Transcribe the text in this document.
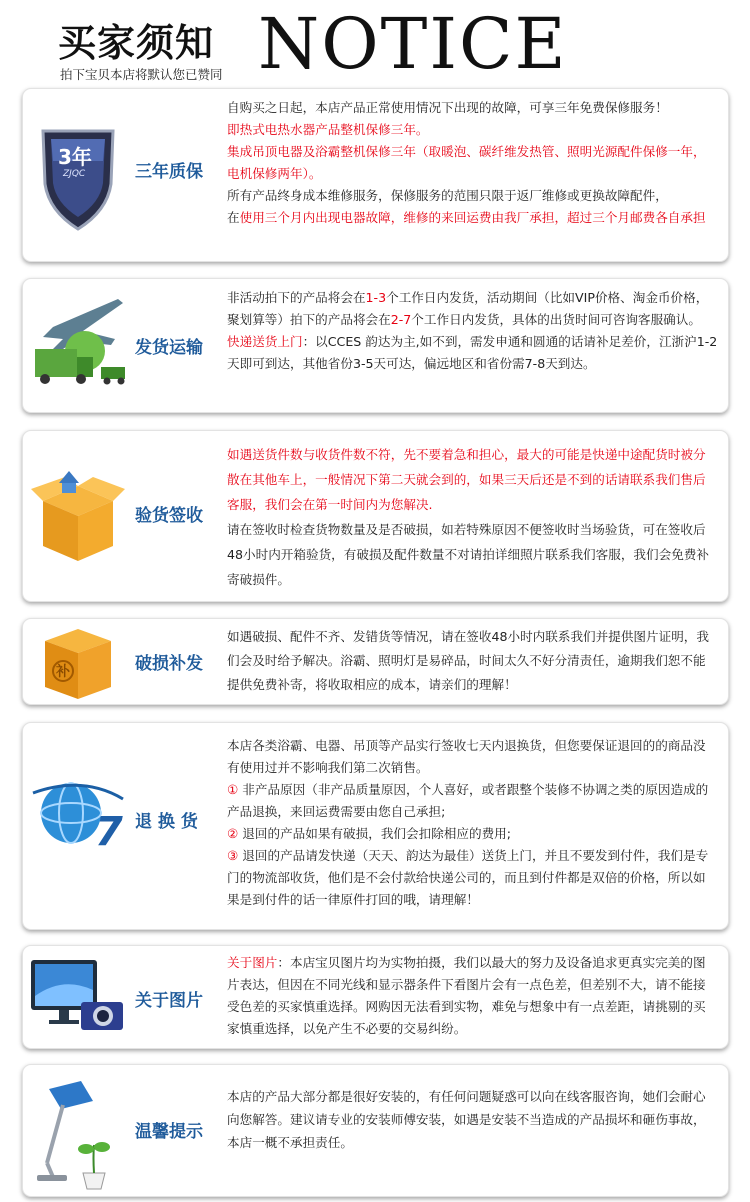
买家须知
拍下宝贝本店将默认您已赞同 NOTICE
3年
ZJQC	三年质保

自购买之日起，本店产品正常使用情况下出现的故障，可享三年免费保修服务！

即热式电热水器产品整机保修三年。

集成吊顶电器及浴霸整机保修三年（取暖泡、碳纤维发热管、照明光源配件保修一年，电机保修两年）。

所有产品终身成本维修服务，保修服务的范围只限于返厂维修或更换故障配件，

在使用三个月内出现电器故障，维修的来回运费由我厂承担，超过三个月邮费各自承担

发货运输

非活动拍下的产品将会在1-3个工作日内发货，活动期间（比如VIP价格、淘金币价格，聚划算等）拍下的产品将会在2-7个工作日内发货，具体的出货时间可咨询客服确认。

快递送货上门：以CCES 韵达为主,如不到，需发申通和圆通的话请补足差价，江浙沪1-2天即可到达，其他省份3-5天可达，偏远地区和省份需7-8天到达。

验货签收

如遇送货件数与收货件数不符，先不要着急和担心，最大的可能是快递中途配货时被分散在其他车上，一般情况下第二天就会到的，如果三天后还是不到的话请联系我们售后客服，我们会在第一时间内为您解决.

请在签收时检查货物数量及是否破损，如若特殊原因不便签收时当场验货，可在签收后48小时内开箱验货，有破损及配件数量不对请拍详细照片联系我们客服，我们会免费补寄破损件。

补	破损补发

如遇破损、配件不齐、发错货等情况，请在签收48小时内联系我们并提供图片证明，我们会及时给予解决。浴霸、照明灯是易碎品，时间太久不好分清责任，逾期我们恕不能提供免费补寄，将收取相应的成本，请亲们的理解！

7 退 换 货

本店各类浴霸、电器、吊顶等产品实行签收七天内退换货，但您要保证退回的的商品没有使用过并不影响我们第二次销售。

① 非产品原因（非产品质量原因，个人喜好，或者跟整个装修不协调之类的原因造成的产品退换，来回运费需要由您自己承担;

② 退回的产品如果有破损，我们会扣除相应的费用;

③ 退回的产品请发快递（天天、韵达为最佳）送货上门，并且不要发到付件，我们是专门的物流部收货，他们是不会付款给快递公司的，而且到付件都是双倍的价格，所以如果是到付件的话一律原件打回的哦，请理解！

关于图片

关于图片：本店宝贝图片均为实物拍摄，我们以最大的努力及设备追求更真实完美的图片表达，但因在不同光线和显示器条件下看图片会有一点色差，但差别不大，请不能接受色差的买家慎重选择。网购因无法看到实物，难免与想象中有一点差距，请挑剔的买家慎重选择，以免产生不必要的交易纠纷。

温馨提示

本店的产品大部分都是很好安装的，有任何问题疑惑可以向在线客服咨询，她们会耐心向您解答。建议请专业的安装师傅安装，如遇是安装不当造成的产品损坏和砸伤事故，本店一概不承担责任。
